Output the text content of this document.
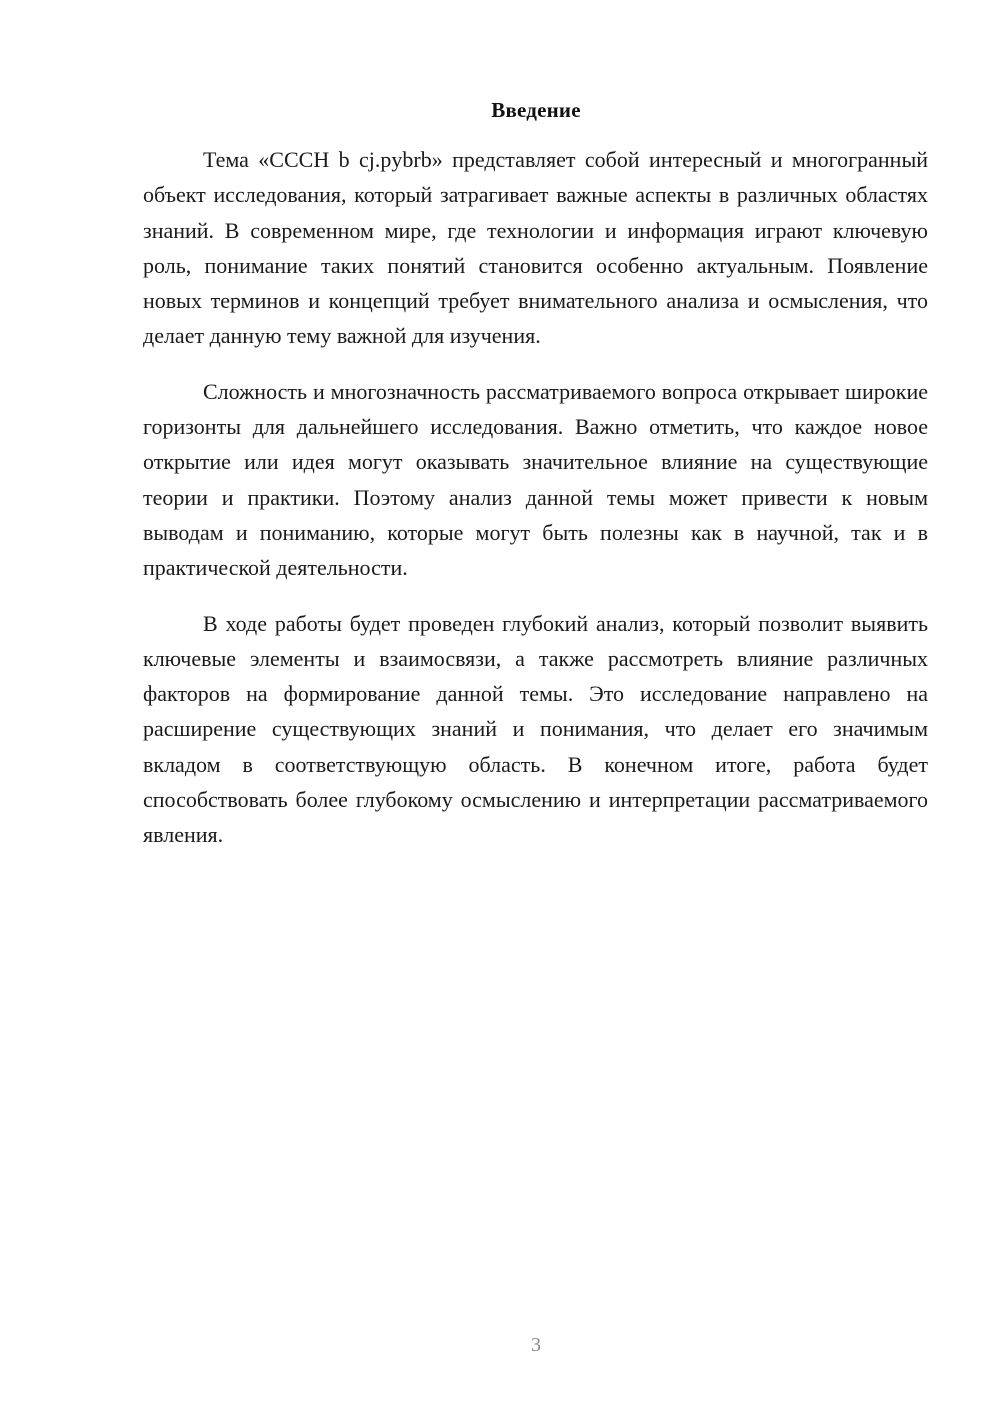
Введение

Тема «СССН b cj.pybrb» представляет собой интересный и многогранный объект исследования, который затрагивает важные аспекты в различных областях знаний. В современном мире, где технологии и информация играют ключевую роль, понимание таких понятий становится особенно актуальным. Появление новых терминов и концепций требует внимательного анализа и осмысления, что делает данную тему важной для изучения.

Сложность и многозначность рассматриваемого вопроса открывает широкие горизонты для дальнейшего исследования. Важно отметить, что каждое новое открытие или идея могут оказывать значительное влияние на существующие теории и практики. Поэтому анализ данной темы может привести к новым выводам и пониманию, которые могут быть полезны как в научной, так и в практической деятельности.

В ходе работы будет проведен глубокий анализ, который позволит выявить ключевые элементы и взаимосвязи, а также рассмотреть влияние различных факторов на формирование данной темы. Это исследование направлено на расширение существующих знаний и понимания, что делает его значимым вкладом в соответствующую область. В конечном итоге, работа будет способствовать более глубокому осмыслению и интерпретации рассматриваемого явления.

3
